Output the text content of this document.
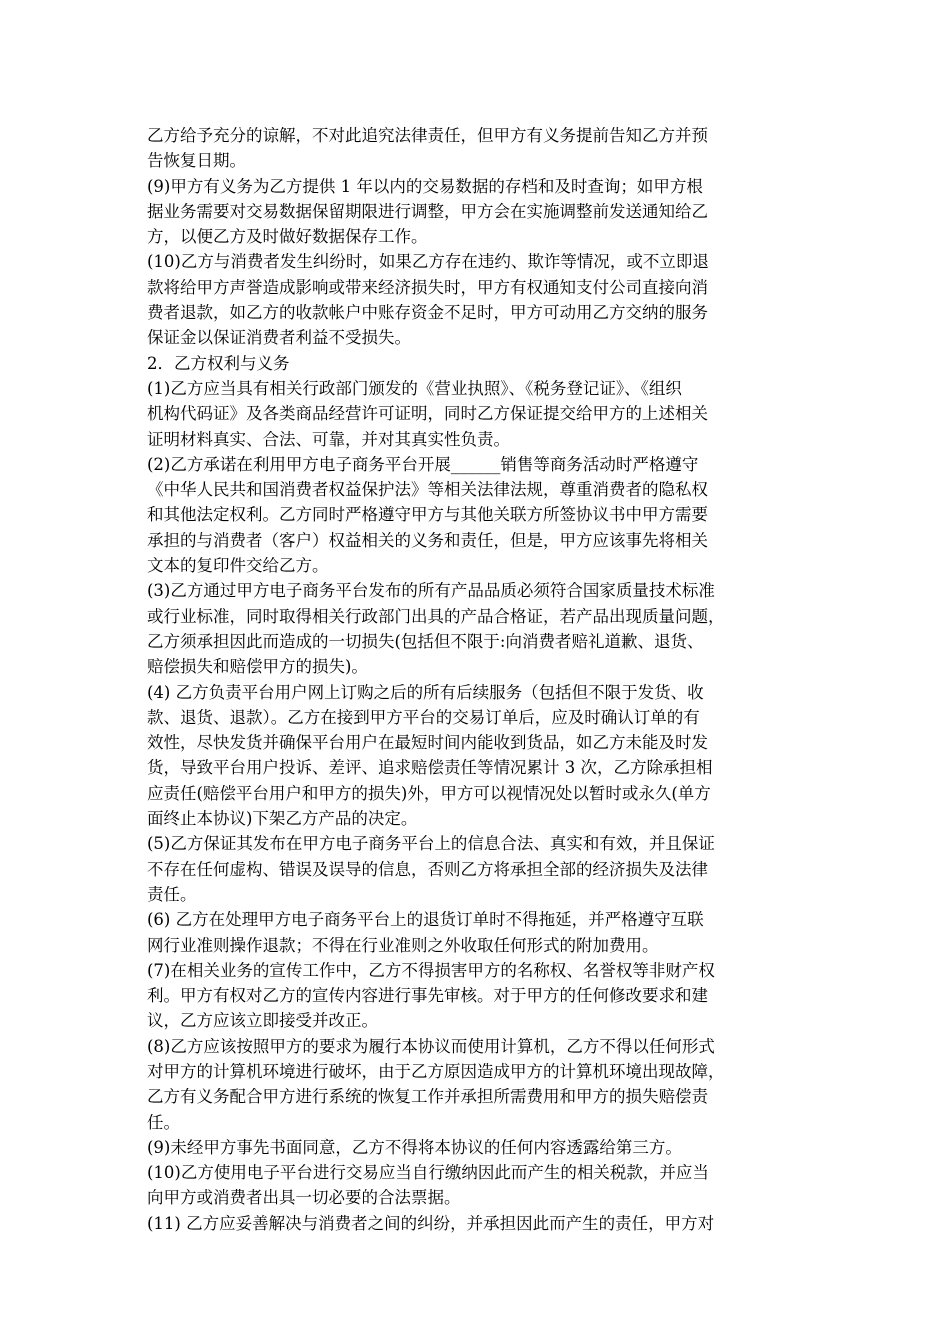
乙方给予充分的谅解，不对此追究法律责任，但甲方有义务提前告知乙方并预
告恢复日期。
(9)甲方有义务为乙方提供 1 年以内的交易数据的存档和及时查询；如甲方根
据业务需要对交易数据保留期限进行调整，甲方会在实施调整前发送通知给乙
方，以便乙方及时做好数据保存工作。
(10)乙方与消费者发生纠纷时，如果乙方存在违约、欺诈等情况，或不立即退
款将给甲方声誉造成影响或带来经济损失时，甲方有权通知支付公司直接向消
费者退款，如乙方的收款帐户中账存资金不足时，甲方可动用乙方交纳的服务
保证金以保证消费者利益不受损失。
2．乙方权利与义务
(1)乙方应当具有相关行政部门颁发的《营业执照》、《税务登记证》、《组织
机构代码证》及各类商品经营许可证明，同时乙方保证提交给甲方的上述相关
证明材料真实、合法、可靠，并对其真实性负责。
(2)乙方承诺在利用甲方电子商务平台开展______销售等商务活动时严格遵守
《中华人民共和国消费者权益保护法》等相关法律法规，尊重消费者的隐私权
和其他法定权利。乙方同时严格遵守甲方与其他关联方所签协议书中甲方需要
承担的与消费者（客户）权益相关的义务和责任，但是，甲方应该事先将相关
文本的复印件交给乙方。
(3)乙方通过甲方电子商务平台发布的所有产品品质必须符合国家质量技术标准
或行业标准，同时取得相关行政部门出具的产品合格证，若产品出现质量问题，
乙方须承担因此而造成的一切损失(包括但不限于:向消费者赔礼道歉、退货、
赔偿损失和赔偿甲方的损失)。
(4) 乙方负责平台用户网上订购之后的所有后续服务（包括但不限于发货、收
款、退货、退款）。乙方在接到甲方平台的交易订单后，应及时确认订单的有
效性，尽快发货并确保平台用户在最短时间内能收到货品，如乙方未能及时发
货，导致平台用户投诉、差评、追求赔偿责任等情况累计 3 次，乙方除承担相
应责任(赔偿平台用户和甲方的损失)外，甲方可以视情况处以暂时或永久(单方
面终止本协议)下架乙方产品的决定。
(5)乙方保证其发布在甲方电子商务平台上的信息合法、真实和有效，并且保证
不存在任何虚构、错误及误导的信息，否则乙方将承担全部的经济损失及法律
责任。
(6) 乙方在处理甲方电子商务平台上的退货订单时不得拖延，并严格遵守互联
网行业准则操作退款；不得在行业准则之外收取任何形式的附加费用。
(7)在相关业务的宣传工作中，乙方不得损害甲方的名称权、名誉权等非财产权
利。甲方有权对乙方的宣传内容进行事先审核。对于甲方的任何修改要求和建
议，乙方应该立即接受并改正。
(8)乙方应该按照甲方的要求为履行本协议而使用计算机，乙方不得以任何形式
对甲方的计算机环境进行破坏，由于乙方原因造成甲方的计算机环境出现故障，
乙方有义务配合甲方进行系统的恢复工作并承担所需费用和甲方的损失赔偿责
任。
(9)未经甲方事先书面同意，乙方不得将本协议的任何内容透露给第三方。
(10)乙方使用电子平台进行交易应当自行缴纳因此而产生的相关税款，并应当
向甲方或消费者出具一切必要的合法票据。
(11) 乙方应妥善解决与消费者之间的纠纷，并承担因此而产生的责任，甲方对
